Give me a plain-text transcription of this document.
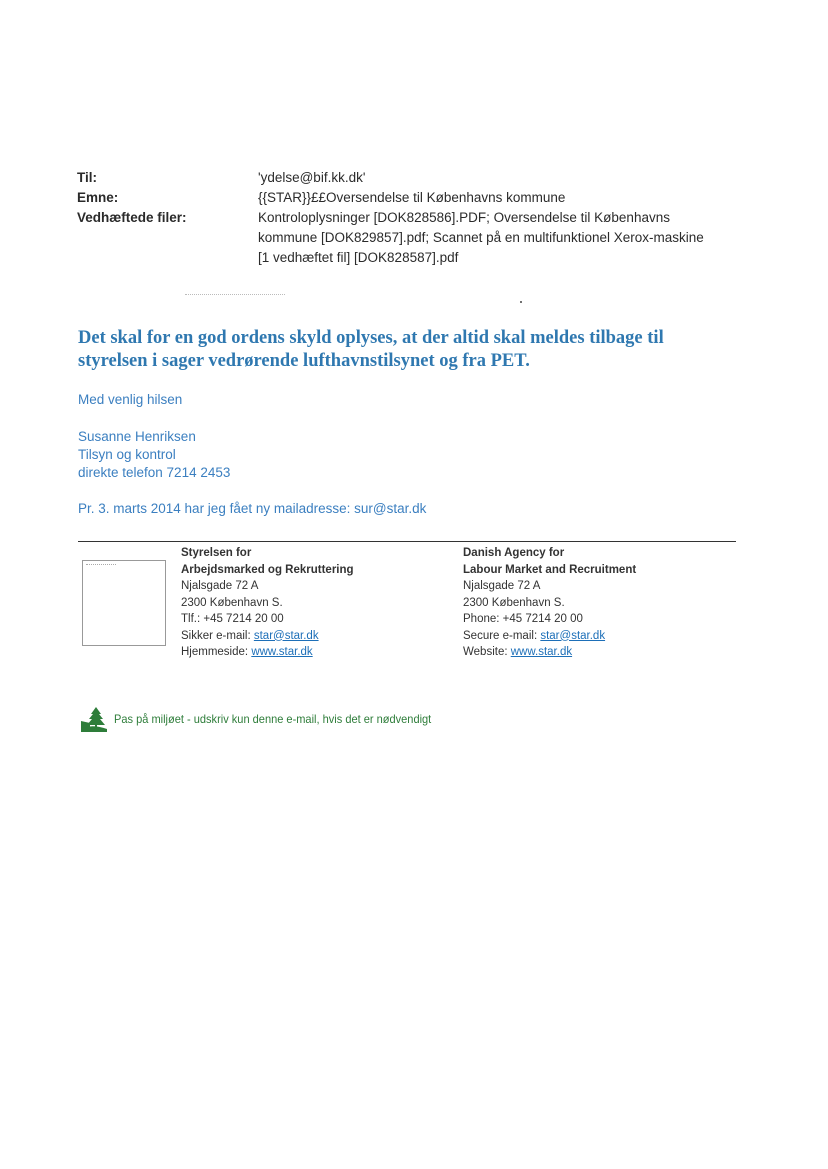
Til:	'ydelse@bif.kk.dk'
Emne:	{{STAR}}££Oversendelse til Københavns kommune
Vedhæftede filer:	Kontroloplysninger [DOK828586].PDF; Oversendelse til Københavns kommune [DOK829857].pdf; Scannet på en multifunktionel Xerox-maskine [1 vedhæftet fil] [DOK828587].pdf
Det skal for en god ordens skyld oplyses, at der altid skal meldes tilbage til styrelsen i sager vedrørende lufthavnstilsynet og fra PET.
Med venlig hilsen
Susanne Henriksen
Tilsyn og kontrol
direkte telefon 7214 2453
Pr. 3. marts 2014 har jeg fået ny mailadresse: sur@star.dk
Styrelsen for
Arbejdsmarked og Rekruttering
Njalsgade 72 A
2300 København S.
Tlf.: +45 7214 20 00
Sikker e-mail: star@star.dk
Hjemmeside: www.star.dk
Danish Agency for
Labour Market and Recruitment
Njalsgade 72 A
2300 København S.
Phone: +45 7214 20 00
Secure e-mail: star@star.dk
Website: www.star.dk
Pas på miljøet - udskriv kun denne e-mail, hvis det er nødvendigt
